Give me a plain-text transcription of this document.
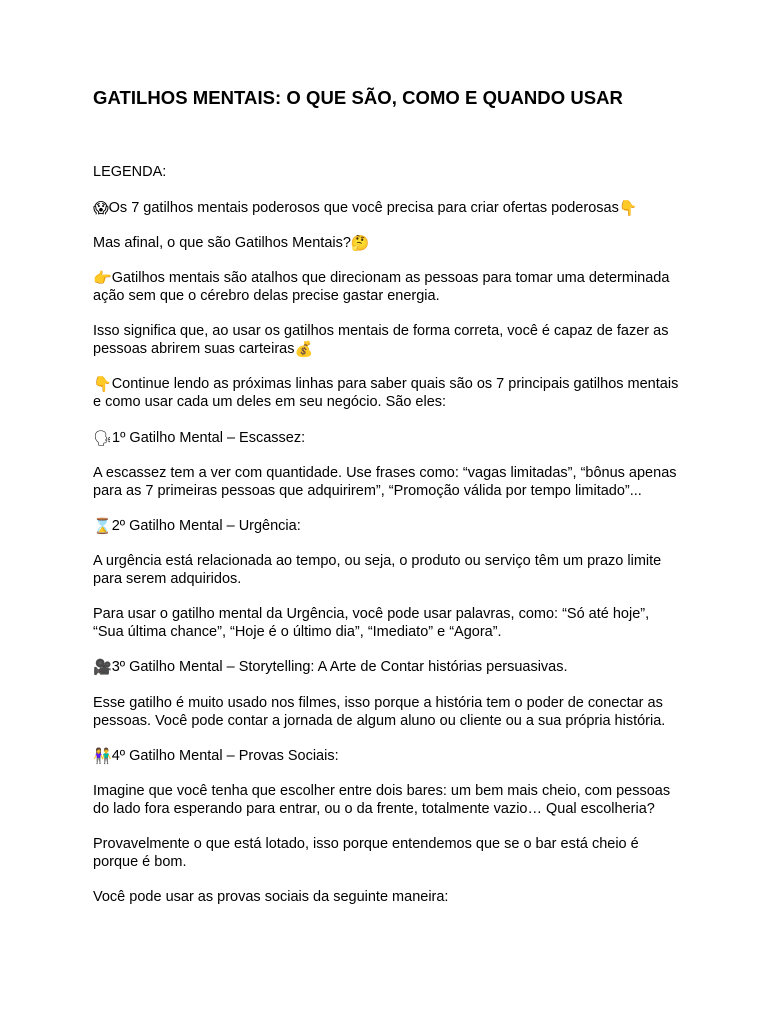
GATILHOS MENTAIS: O QUE SÃO, COMO E QUANDO USAR

LEGENDA:

😱Os 7 gatilhos mentais poderosos que você precisa para criar ofertas poderosas👇

Mas afinal, o que são Gatilhos Mentais?🤔

👉Gatilhos mentais são atalhos que direcionam as pessoas para tomar uma determinada ação sem que o cérebro delas precise gastar energia.

Isso significa que, ao usar os gatilhos mentais de forma correta, você é capaz de fazer as pessoas abrirem suas carteiras💰

👇Continue lendo as próximas linhas para saber quais são os 7 principais gatilhos mentais e como usar cada um deles em seu negócio. São eles:

🗣1º Gatilho Mental – Escassez:

A escassez tem a ver com quantidade. Use frases como: “vagas limitadas”, “bônus apenas para as 7 primeiras pessoas que adquirirem”, “Promoção válida por tempo limitado”...

⌛2º Gatilho Mental – Urgência:

A urgência está relacionada ao tempo, ou seja, o produto ou serviço têm um prazo limite para serem adquiridos.

Para usar o gatilho mental da Urgência, você pode usar palavras, como: “Só até hoje”, “Sua última chance”, “Hoje é o último dia”, “Imediato” e “Agora”.

🎥3º Gatilho Mental – Storytelling: A Arte de Contar histórias persuasivas.

Esse gatilho é muito usado nos filmes, isso porque a história tem o poder de conectar as pessoas. Você pode contar a jornada de algum aluno ou cliente ou a sua própria história.

👫4º Gatilho Mental – Provas Sociais:

Imagine que você tenha que escolher entre dois bares: um bem mais cheio, com pessoas do lado fora esperando para entrar, ou o da frente, totalmente vazio… Qual escolheria?

Provavelmente o que está lotado, isso porque entendemos que se o bar está cheio é porque é bom.

Você pode usar as provas sociais da seguinte maneira:
